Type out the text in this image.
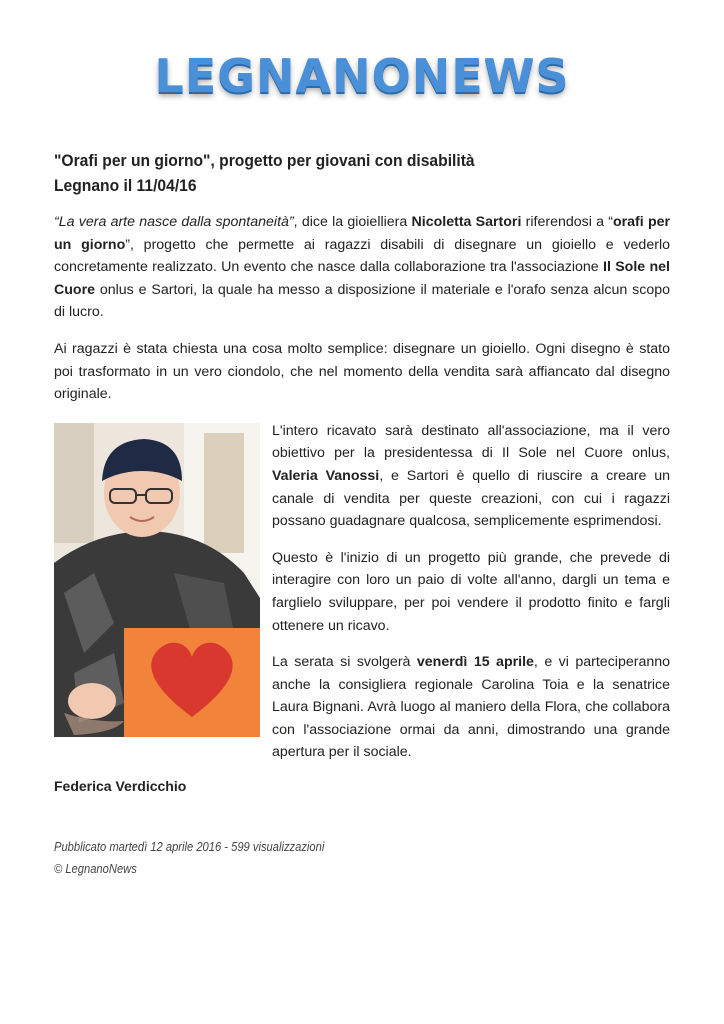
LEGNANONEWS
"Orafi per un giorno", progetto per giovani con disabilità
Legnano il 11/04/16

“La vera arte nasce dalla spontaneità”, dice la gioielliera Nicoletta Sartori riferendosi a “orafi per un giorno”, progetto che permette ai ragazzi disabili di disegnare un gioiello e vederlo concretamente realizzato. Un evento che nasce dalla collaborazione tra l'associazione Il Sole nel Cuore onlus e Sartori, la quale ha messo a disposizione il materiale e l'orafo senza alcun scopo di lucro.

Ai ragazzi è stata chiesta una cosa molto semplice: disegnare un gioiello. Ogni disegno è stato poi trasformato in un vero ciondolo, che nel momento della vendita sarà affiancato dal disegno originale.

L'intero ricavato sarà destinato all'associazione, ma il vero obiettivo per la presidentessa di Il Sole nel Cuore onlus, Valeria Vanossi, e Sartori è quello di riuscire a creare un canale di vendita per queste creazioni, con cui i ragazzi possano guadagnare qualcosa, semplicemente esprimendosi.

Questo è l'inizio di un progetto più grande, che prevede di interagire con loro un paio di volte all'anno, dargli un tema e farglielo sviluppare, per poi vendere il prodotto finito e fargli ottenere un ricavo.

La serata si svolgerà venerdì 15 aprile, e vi parteciperanno anche la consigliera regionale Carolina Toia e la senatrice Laura Bignani. Avrà luogo al maniero della Flora, che collabora con l'associazione ormai da anni, dimostrando una grande apertura per il sociale.

Federica Verdicchio
Pubblicato martedì 12 aprile 2016 - 599 visualizzazioni
© LegnanoNews
